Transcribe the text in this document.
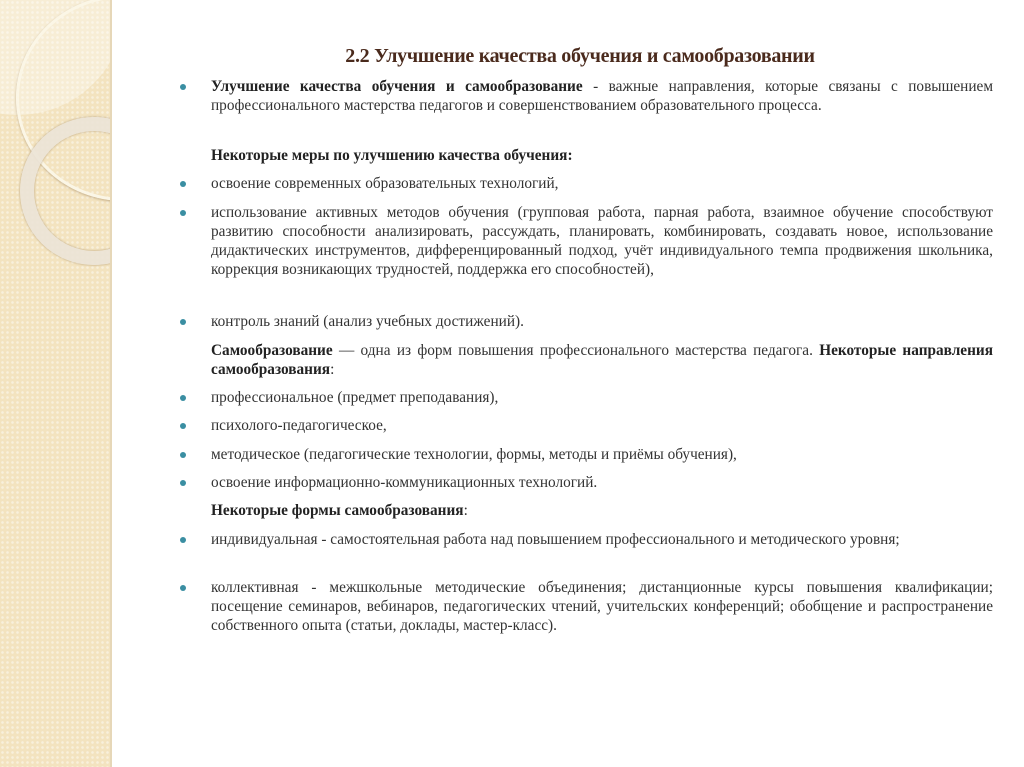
2.2 Улучшение качества обучения и самообразовании
Улучшение качества обучения и самообразование - важные направления, которые связаны с повышением профессионального мастерства педагогов и совершенствованием образовательного процесса.
Некоторые меры по улучшению качества обучения:
освоение современных образовательных технологий,
использование активных методов обучения (групповая работа, парная работа, взаимное обучение способствуют развитию способности анализировать, рассуждать, планировать, комбинировать, создавать новое, использование дидактических инструментов, дифференцированный подход, учёт индивидуального темпа продвижения школьника, коррекция возникающих трудностей, поддержка его способностей),
контроль знаний (анализ учебных достижений).
Самообразование — одна из форм повышения профессионального мастерства педагога. Некоторые направления самообразования:
профессиональное (предмет преподавания),
психолого-педагогическое,
методическое (педагогические технологии, формы, методы и приёмы обучения),
освоение информационно-коммуникационных технологий.
Некоторые формы самообразования:
индивидуальная - самостоятельная работа над повышением профессионального и методического уровня;
коллективная - межшкольные методические объединения; дистанционные курсы повышения квалификации; посещение семинаров, вебинаров, педагогических чтений, учительских конференций; обобщение и распространение собственного опыта (статьи, доклады, мастер-класс).
